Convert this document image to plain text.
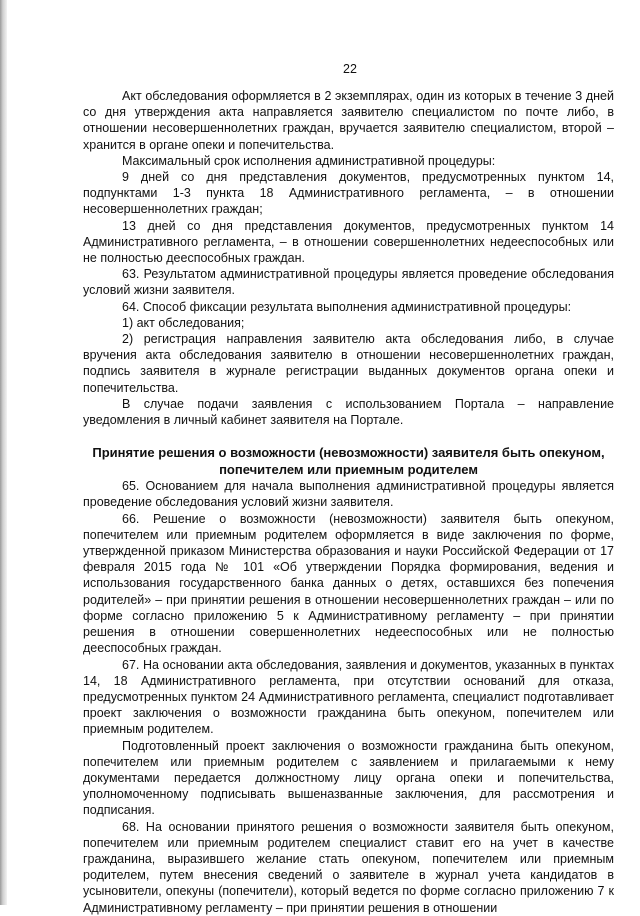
22

Акт обследования оформляется в 2 экземплярах, один из которых в течение 3 дней со дня утверждения акта направляется заявителю специалистом по почте либо, в отношении несовершеннолетних граждан, вручается заявителю специалистом, второй – хранится в органе опеки и попечительства.

Максимальный срок исполнения административной процедуры:

9 дней со дня представления документов, предусмотренных пунктом 14, подпунктами 1-3 пункта 18 Административного регламента, – в отношении несовершеннолетних граждан;

13 дней со дня представления документов, предусмотренных пунктом 14 Административного регламента, – в отношении совершеннолетних недееспособных или не полностью дееспособных граждан.

63. Результатом административной процедуры является проведение обследования условий жизни заявителя.

64. Способ фиксации результата выполнения административной процедуры:

1) акт обследования;

2) регистрация направления заявителю акта обследования либо, в случае вручения акта обследования заявителю в отношении несовершеннолетних граждан, подпись заявителя в журнале регистрации выданных документов органа опеки и попечительства.

В случае подачи заявления с использованием Портала – направление уведомления в личный кабинет заявителя на Портале.

Принятие решения о возможности (невозможности) заявителя быть опекуном, попечителем или приемным родителем

65. Основанием для начала выполнения административной процедуры является проведение обследования условий жизни заявителя.

66. Решение о возможности (невозможности) заявителя быть опекуном, попечителем или приемным родителем оформляется в виде заключения по форме, утвержденной приказом Министерства образования и науки Российской Федерации от 17 февраля 2015 года № 101 «Об утверждении Порядка формирования, ведения и использования государственного банка данных о детях, оставшихся без попечения родителей» – при принятии решения в отношении несовершеннолетних граждан – или по форме согласно приложению 5 к Административному регламенту – при принятии решения в отношении совершеннолетних недееспособных или не полностью дееспособных граждан.

67. На основании акта обследования, заявления и документов, указанных в пунктах 14, 18 Административного регламента, при отсутствии оснований для отказа, предусмотренных пунктом 24 Административного регламента, специалист подготавливает проект заключения о возможности гражданина быть опекуном, попечителем или приемным родителем.

Подготовленный проект заключения о возможности гражданина быть опекуном, попечителем или приемным родителем с заявлением и прилагаемыми к нему документами передается должностному лицу органа опеки и попечительства, уполномоченному подписывать вышеназванные заключения, для рассмотрения и подписания.

68. На основании принятого решения о возможности заявителя быть опекуном, попечителем или приемным родителем специалист ставит его на учет в качестве гражданина, выразившего желание стать опекуном, попечителем или приемным родителем, путем внесения сведений о заявителе в журнал учета кандидатов в усыновители, опекуны (попечители), который ведется по форме согласно приложению 7 к Административному регламенту – при принятии решения в отношении
